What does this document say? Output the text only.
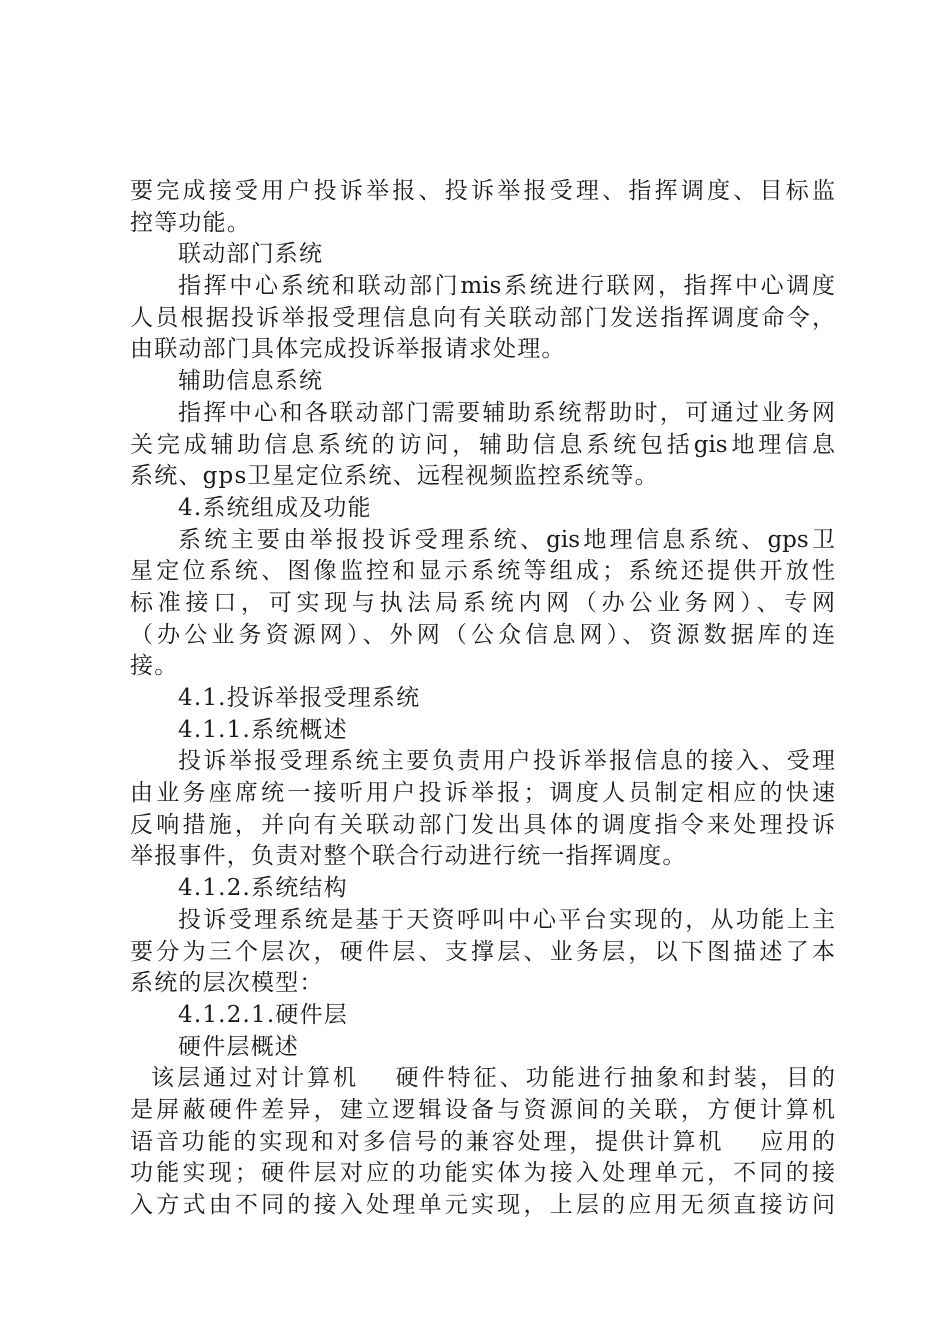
要完成接受用户投诉举报、投诉举报受理、指挥调度、目标监
控等功能。
联动部门系统
指挥中心系统和联动部门mis系统进行联网，指挥中心调度
人员根据投诉举报受理信息向有关联动部门发送指挥调度命令，
由联动部门具体完成投诉举报请求处理。
辅助信息系统
指挥中心和各联动部门需要辅助系统帮助时，可通过业务网
关完成辅助信息系统的访问，辅助信息系统包括gis地理信息
系统、gps卫星定位系统、远程视频监控系统等。
4.系统组成及功能
系统主要由举报投诉受理系统、gis地理信息系统、gps卫
星定位系统、图像监控和显示系统等组成；系统还提供开放性
标准接口，可实现与执法局系统内网（办公业务网）、专网
（办公业务资源网）、外网（公众信息网）、资源数据库的连
接。
4.1.投诉举报受理系统
4.1.1.系统概述
投诉举报受理系统主要负责用户投诉举报信息的接入、受理
由业务座席统一接听用户投诉举报；调度人员制定相应的快速
反响措施，并向有关联动部门发出具体的调度指令来处理投诉
举报事件，负责对整个联合行动进行统一指挥调度。
4.1.2.系统结构
投诉受理系统是基于天资呼叫中心平台实现的，从功能上主
要分为三个层次，硬件层、支撑层、业务层，以下图描述了本
系统的层次模型：
4.1.2.1.硬件层
硬件层概述
该层通过对计算机　 硬件特征、功能进行抽象和封装，目的
是屏蔽硬件差异，建立逻辑设备与资源间的关联，方便计算机
语音功能的实现和对多信号的兼容处理，提供计算机　 应用的
功能实现；硬件层对应的功能实体为接入处理单元，不同的接
入方式由不同的接入处理单元实现，上层的应用无须直接访问
